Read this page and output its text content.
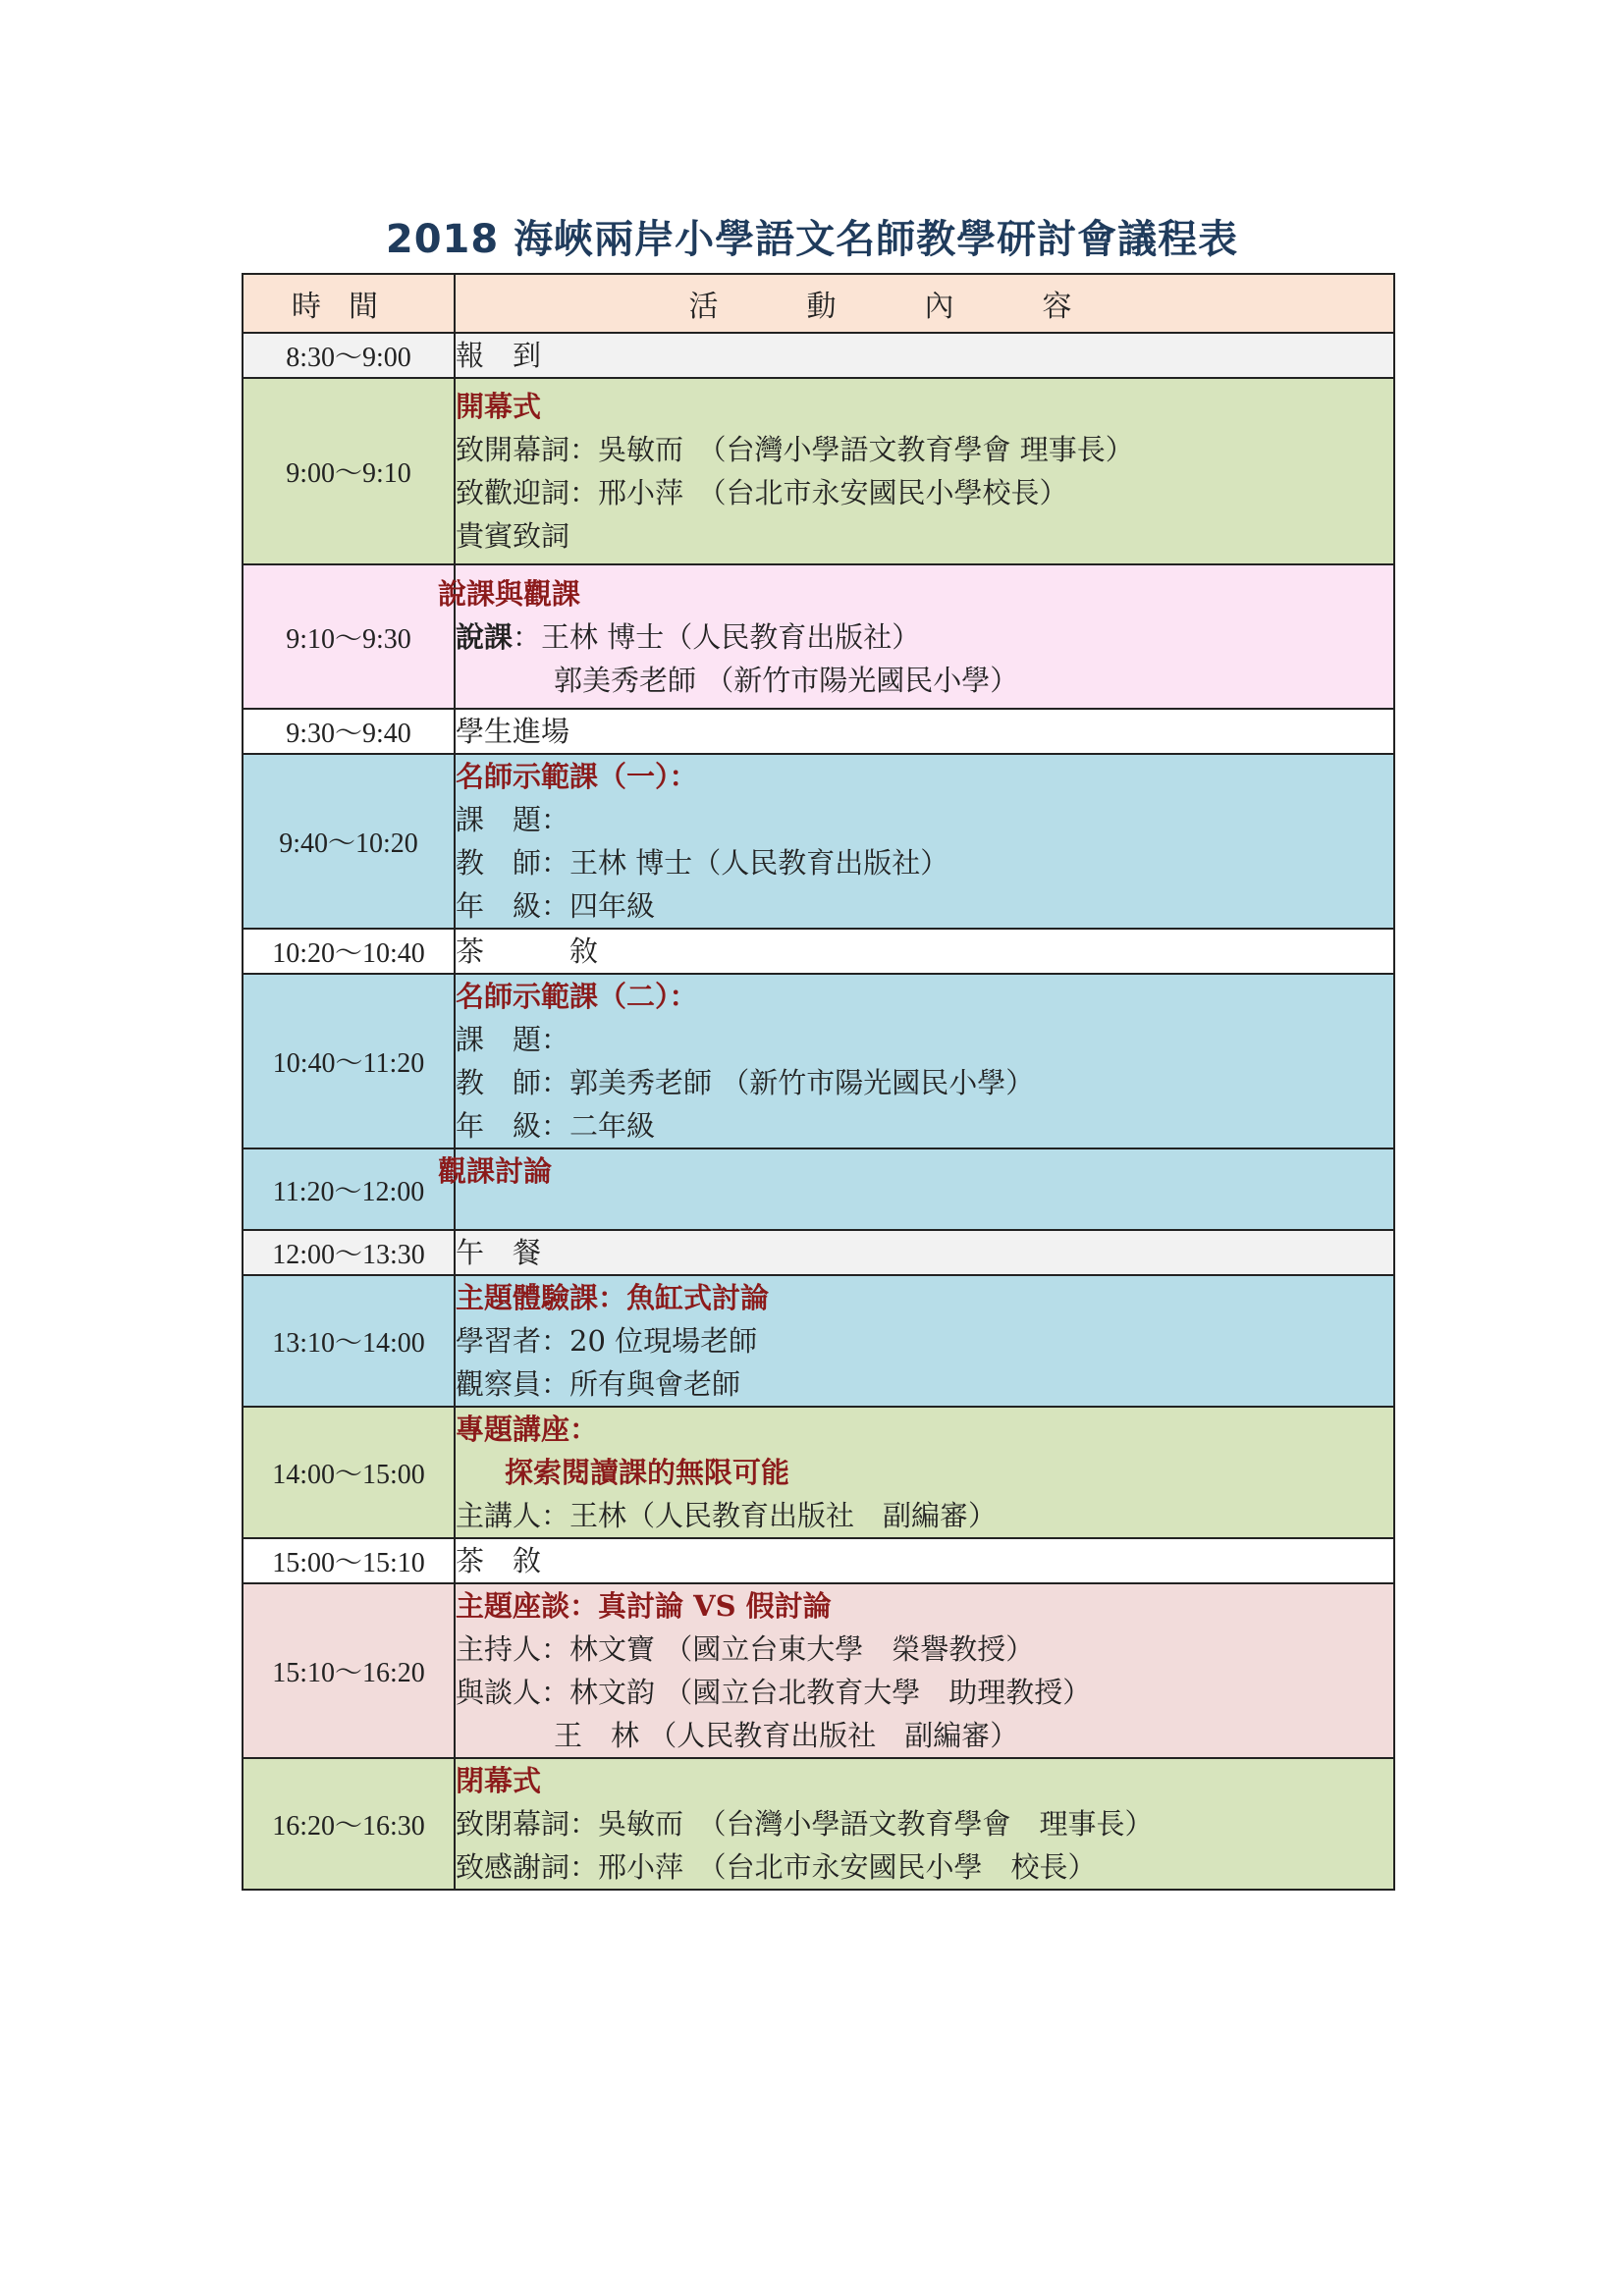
2018 海峽兩岸小學語文名師教學研討會議程表
時間	活動內容
8:30～9:00	報　到

9:00～9:10	開幕式
致開幕詞：吳敏而　（台灣小學語文教育學會 理事長）
致歡迎詞：邢小萍　（台北市永安國民小學校長）
貴賓致詞

9:10～9:30	說課與觀課
說課：王林 博士（人民教育出版社）
郭美秀老師 （新竹市陽光國民小學）

9:30～9:40	學生進場

9:40～10:20	名師示範課（一）：
課　題：
教　師：王林 博士（人民教育出版社）
年　級：四年級

10:20～10:40	茶　　　敘

10:40～11:20	名師示範課（二）：
課　題：
教　師：郭美秀老師 （新竹市陽光國民小學）
年　級：二年級

11:20～12:00	觀課討論

12:00～13:30	午　餐

13:10～14:00	主題體驗課：魚缸式討論
學習者：20 位現場老師
觀察員：所有與會老師

14:00～15:00	專題講座：
探索閱讀課的無限可能
主講人：王林（人民教育出版社　副編審）

15:00～15:10	茶　敘

15:10～16:20	主題座談：真討論 VS 假討論
主持人：林文寶 （國立台東大學　榮譽教授）
與談人：林文韵 （國立台北教育大學　助理教授）
王　林 （人民教育出版社　副編審）

16:20～16:30	閉幕式
致閉幕詞：吳敏而　（台灣小學語文教育學會　理事長）
致感謝詞：邢小萍　（台北市永安國民小學　校長）
